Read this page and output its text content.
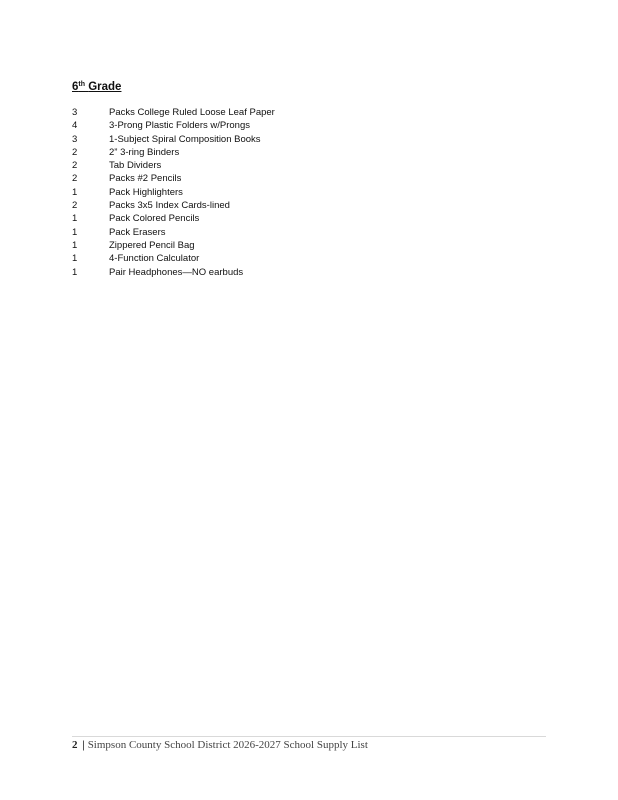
6th Grade
3	Packs College Ruled Loose Leaf Paper
4	3-Prong Plastic Folders w/Prongs
3	1-Subject Spiral Composition Books
2	2” 3-ring Binders
2	Tab Dividers
2	Packs #2 Pencils
1	Pack Highlighters
2	Packs 3x5 Index Cards-lined
1	Pack Colored Pencils
1	Pack Erasers
1	Zippered Pencil Bag
1	4-Function Calculator
1	Pair Headphones—NO earbuds
2 | Simpson County School District 2026-2027 School Supply List
